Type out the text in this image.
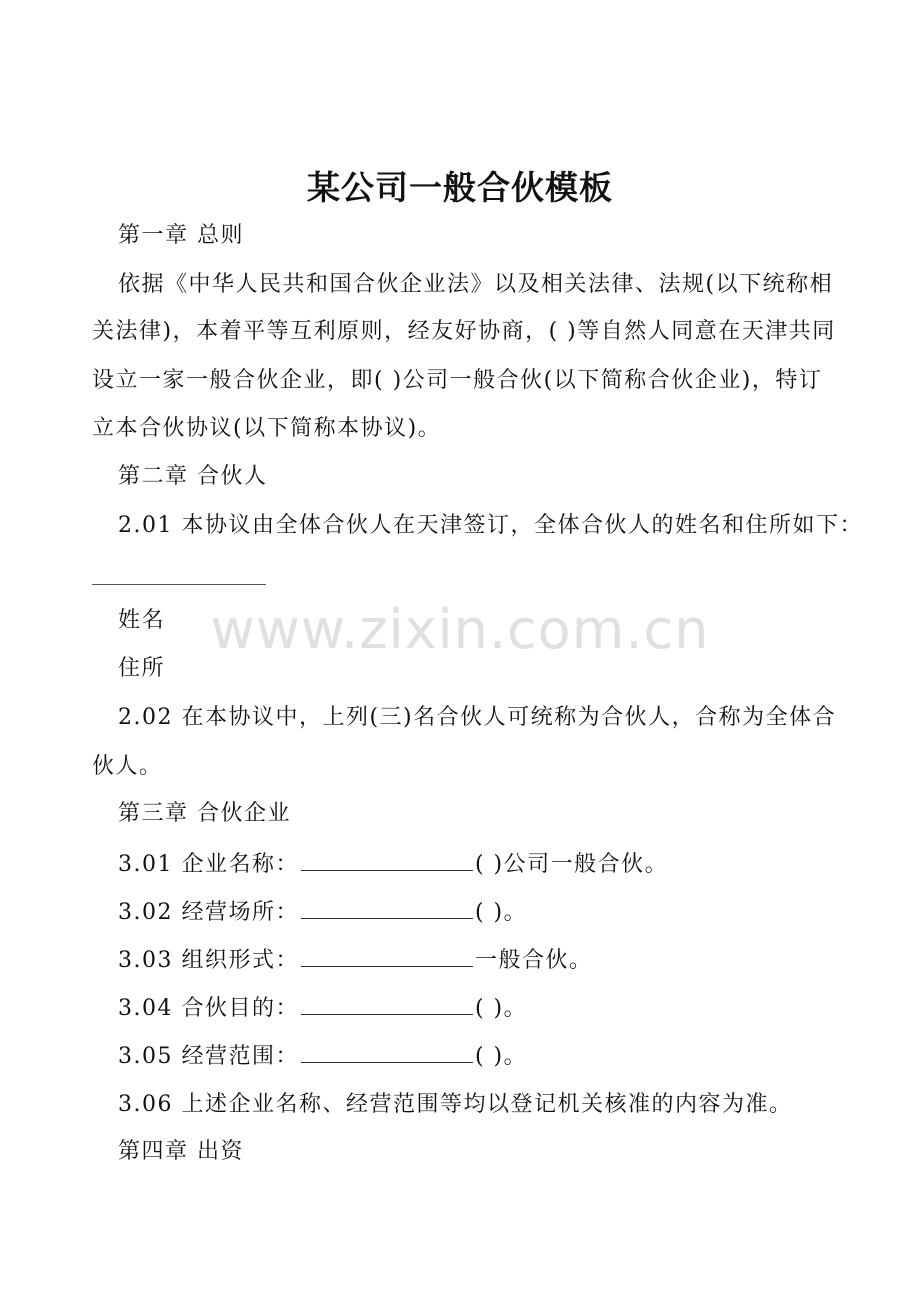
某公司一般合伙模板
第一章 总则
依据《中华人民共和国合伙企业法》以及相关法律、法规(以下统称相
关法律)，本着平等互利原则，经友好协商，( )等自然人同意在天津共同
设立一家一般合伙企业，即( )公司一般合伙(以下简称合伙企业)，特订
立本合伙协议(以下简称本协议)。
第二章 合伙人
2.01 本协议由全体合伙人在天津签订，全体合伙人的姓名和住所如下：
www.zixin.com.cn
姓名
住所
2.02 在本协议中，上列(三)名合伙人可统称为合伙人，合称为全体合
伙人。
第三章 合伙企业
3.01 企业名称：	( )公司一般合伙。
3.02 经营场所：	( )。
3.03 组织形式：	一般合伙。
3.04 合伙目的：	( )。
3.05 经营范围：	( )。
3.06 上述企业名称、经营范围等均以登记机关核准的内容为准。
第四章 出资
